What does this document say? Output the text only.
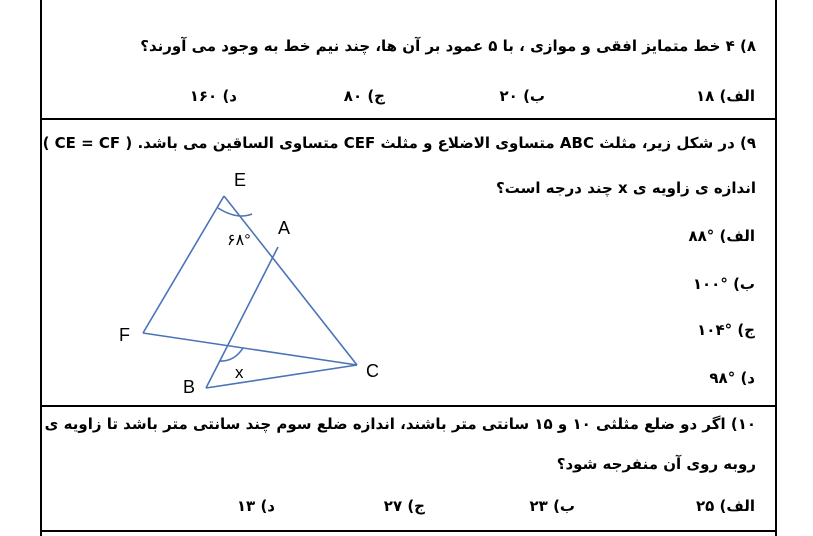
۸) ۴ خط متمایز افقی و موازی ، با ۵ عمود بر آن ها، چند نیم خط به وجود می آورند؟
الف) ۱۸
ب) ۲۰
ج) ۸۰
د) ۱۶۰
۹) در شکل زیر، مثلث ABC متساوی الاضلاع و مثلث CEF متساوی الساقین می باشد. ( CE = CF )
اندازه ی زاویه ی x چند درجه است؟
الف) °۸۸
ب) °۱۰۰
ج) °۱۰۴
د) °۹۸
E
A
F
B
C
x
۶۸°
۱۰) اگر دو ضلع مثلثی ۱۰ و ۱۵ سانتی متر باشند، اندازه ضلع سوم چند سانتی متر باشد تا زاویه ی
روبه روی آن منفرجه شود؟
الف) ۲۵
ب) ۲۳
ج) ۲۷
د) ۱۳
